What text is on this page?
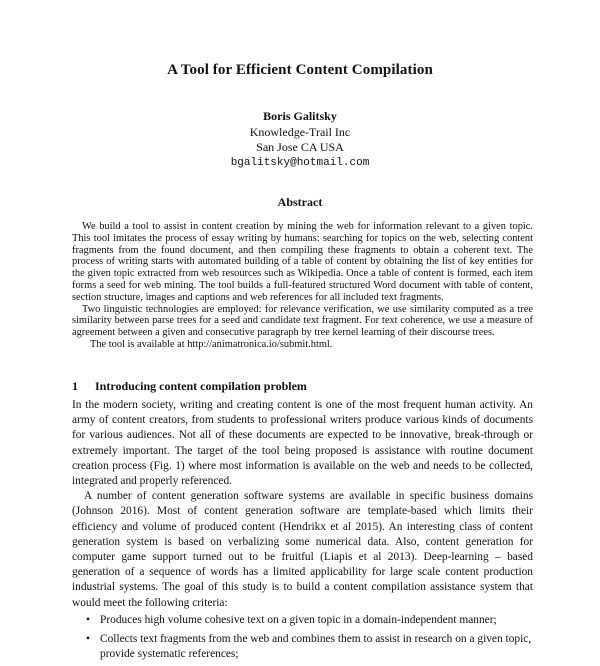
A Tool for Efficient Content Compilation
Boris Galitsky
Knowledge-Trail Inc
San Jose CA USA
bgalitsky@hotmail.com
Abstract

We build a tool to assist in content creation by mining the web for information relevant to a given topic. This tool imitates the process of essay writing by humans: searching for topics on the web, selecting content fragments from the found document, and then compiling these fragments to obtain a coherent text. The process of writing starts with automated building of a table of content by obtaining the list of key entities for the given topic extracted from web resources such as Wikipedia. Once a table of content is formed, each item forms a seed for web mining. The tool builds a full-featured structured Word document with table of content, section structure, images and captions and web references for all included text fragments.

Two linguistic technologies are employed: for relevance verification, we use similarity computed as a tree similarity between parse trees for a seed and candidate text fragment. For text coherence, we use a measure of agreement between a given and consecutive paragraph by tree kernel learning of their discourse trees.

The tool is available at http://animatronica.io/submit.html.

1 Introducing content compilation problem

In the modern society, writing and creating content is one of the most frequent human activity. An army of content creators, from students to professional writers produce various kinds of documents for various audiences. Not all of these documents are expected to be innovative, break-through or extremely important. The target of the tool being proposed is assistance with routine document creation process (Fig. 1) where most information is available on the web and needs to be collected, integrated and properly referenced.

A number of content generation software systems are available in specific business domains (Johnson 2016). Most of content generation software are template-based which limits their efficiency and volume of produced content (Hendrikx et al 2015). An interesting class of content generation system is based on verbalizing some numerical data. Also, content generation for computer game support turned out to be fruitful (Liapis et al 2013). Deep-learning – based generation of a sequence of words has a limited applicability for large scale content production industrial systems. The goal of this study is to build a content compilation assistance system that would meet the following criteria:

• Produces high volume cohesive text on a given topic in a domain-independent manner;
• Collects text fragments from the web and combines them to assist in research on a given topic, provide systematic references;
